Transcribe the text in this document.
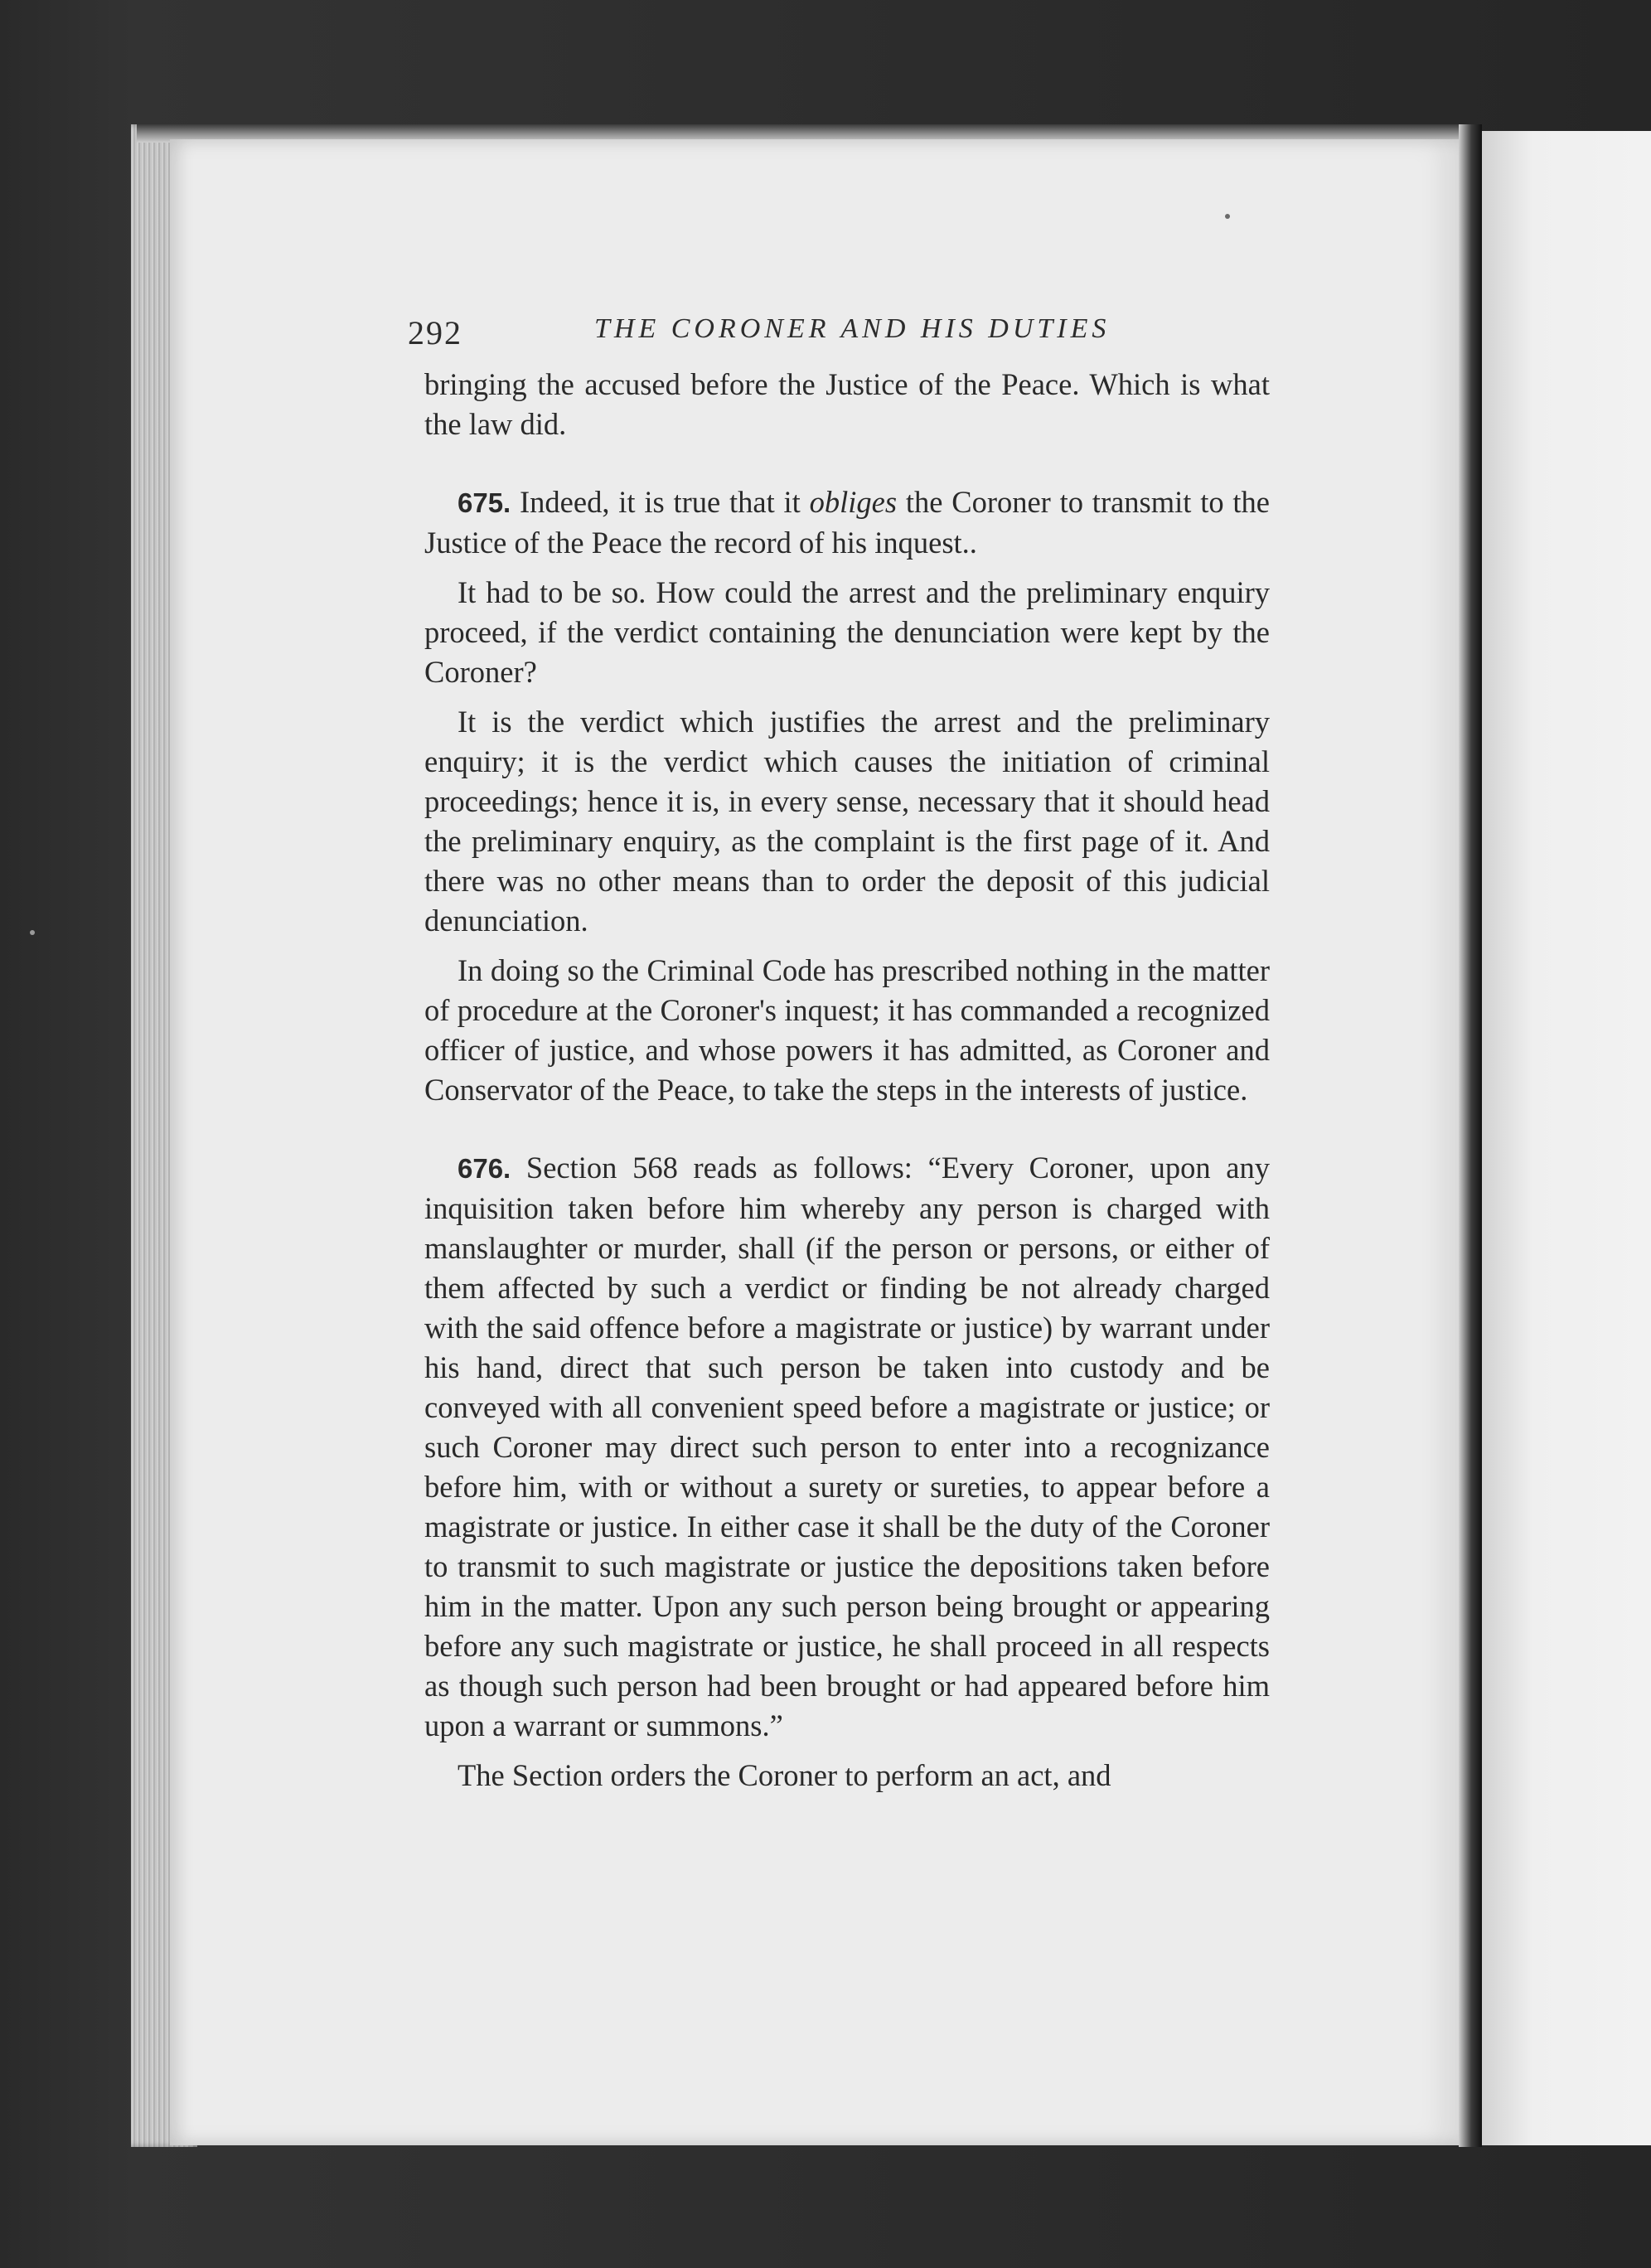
292	THE CORONER AND HIS DUTIES

bringing the accused before the Justice of the Peace. Which is what the law did.

675. Indeed, it is true that it obliges the Coroner to transmit to the Justice of the Peace the record of his inquest..

It had to be so. How could the arrest and the preliminary enquiry proceed, if the verdict containing the denunciation were kept by the Coroner?

It is the verdict which justifies the arrest and the preliminary enquiry; it is the verdict which causes the initiation of criminal proceedings; hence it is, in every sense, necessary that it should head the preliminary enquiry, as the complaint is the first page of it. And there was no other means than to order the deposit of this judicial denunciation.

In doing so the Criminal Code has prescribed nothing in the matter of procedure at the Coroner's inquest; it has commanded a recognized officer of justice, and whose powers it has admitted, as Coroner and Conservator of the Peace, to take the steps in the interests of justice.

676. Section 568 reads as follows: “Every Coroner, upon any inquisition taken before him whereby any person is charged with manslaughter or murder, shall (if the person or persons, or either of them affected by such a verdict or finding be not already charged with the said offence before a magistrate or justice) by warrant under his hand, direct that such person be taken into custody and be conveyed with all convenient speed before a magistrate or justice; or such Coroner may direct such person to enter into a recognizance before him, with or without a surety or sureties, to appear before a magistrate or justice. In either case it shall be the duty of the Coroner to transmit to such magistrate or justice the depositions taken before him in the matter. Upon any such person being brought or appearing before any such magistrate or justice, he shall proceed in all respects as though such person had been brought or had appeared before him upon a warrant or summons.”

The Section orders the Coroner to perform an act, and
